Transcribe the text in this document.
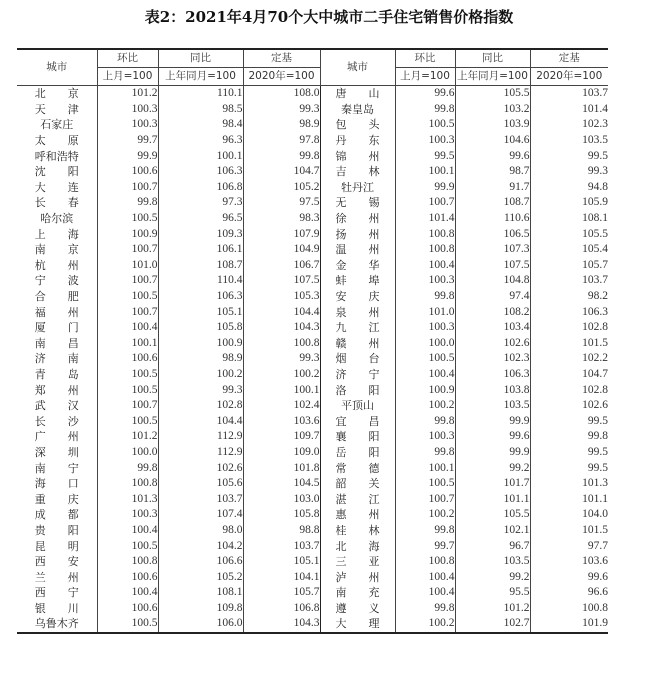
表2：2021年4月70个大中城市二手住宅销售价格指数
城市	环比	同比	定基	城市	环比	同比	定基
	上月=100	上年同月=100	2020年=100		上月=100	上年同月=100	2020年=100
北　　京	101.2	110.1	108.0	唐　　山	99.6	105.5	103.7
天　　津	100.3	98.5	99.3	秦皇岛	99.8	103.2	101.4
石家庄	100.3	98.4	98.9	包　　头	100.5	103.9	102.3
太　　原	99.7	96.3	97.8	丹　　东	100.3	104.6	103.5
呼和浩特	99.9	100.1	99.8	锦　　州	99.5	99.6	99.5
沈　　阳	100.6	106.3	104.7	吉　　林	100.1	98.7	99.3
大　　连	100.7	106.8	105.2	牡丹江	99.9	91.7	94.8
长　　春	99.8	97.3	97.5	无　　锡	100.7	108.7	105.9
哈尔滨	100.5	96.5	98.3	徐　　州	101.4	110.6	108.1
上　　海	100.9	109.3	107.9	扬　　州	100.8	106.5	105.5
南　　京	100.7	106.1	104.9	温　　州	100.8	107.3	105.4
杭　　州	101.0	108.7	106.7	金　　华	100.4	107.5	105.7
宁　　波	100.7	110.4	107.5	蚌　　埠	100.3	104.8	103.7
合　　肥	100.5	106.3	105.3	安　　庆	99.8	97.4	98.2
福　　州	100.7	105.1	104.4	泉　　州	101.0	108.2	106.3
厦　　门	100.4	105.8	104.3	九　　江	100.3	103.4	102.8
南　　昌	100.1	100.9	100.8	赣　　州	100.0	102.6	101.5
济　　南	100.6	98.9	99.3	烟　　台	100.5	102.3	102.2
青　　岛	100.5	100.2	100.2	济　　宁	100.4	106.3	104.7
郑　　州	100.5	99.3	100.1	洛　　阳	100.9	103.8	102.8
武　　汉	100.7	102.8	102.4	平顶山	100.2	103.5	102.6
长　　沙	100.5	104.4	103.6	宜　　昌	99.8	99.9	99.5
广　　州	101.2	112.9	109.7	襄　　阳	100.3	99.6	99.8
深　　圳	100.0	112.9	109.0	岳　　阳	99.8	99.9	99.5
南　　宁	99.8	102.6	101.8	常　　德	100.1	99.2	99.5
海　　口	100.8	105.6	104.5	韶　　关	100.5	101.7	101.3
重　　庆	101.3	103.7	103.0	湛　　江	100.7	101.1	101.1
成　　都	100.3	107.4	105.8	惠　　州	100.2	105.5	104.0
贵　　阳	100.4	98.0	98.8	桂　　林	99.8	102.1	101.5
昆　　明	100.5	104.2	103.7	北　　海	99.7	96.7	97.7
西　　安	100.8	106.6	105.1	三　　亚	100.8	103.5	103.6
兰　　州	100.6	105.2	104.1	泸　　州	100.4	99.2	99.6
西　　宁	100.4	108.1	105.7	南　　充	100.4	95.5	96.6
银　　川	100.6	109.8	106.8	遵　　义	99.8	101.2	100.8
乌鲁木齐	100.5	106.0	104.3	大　　理	100.2	102.7	101.9
